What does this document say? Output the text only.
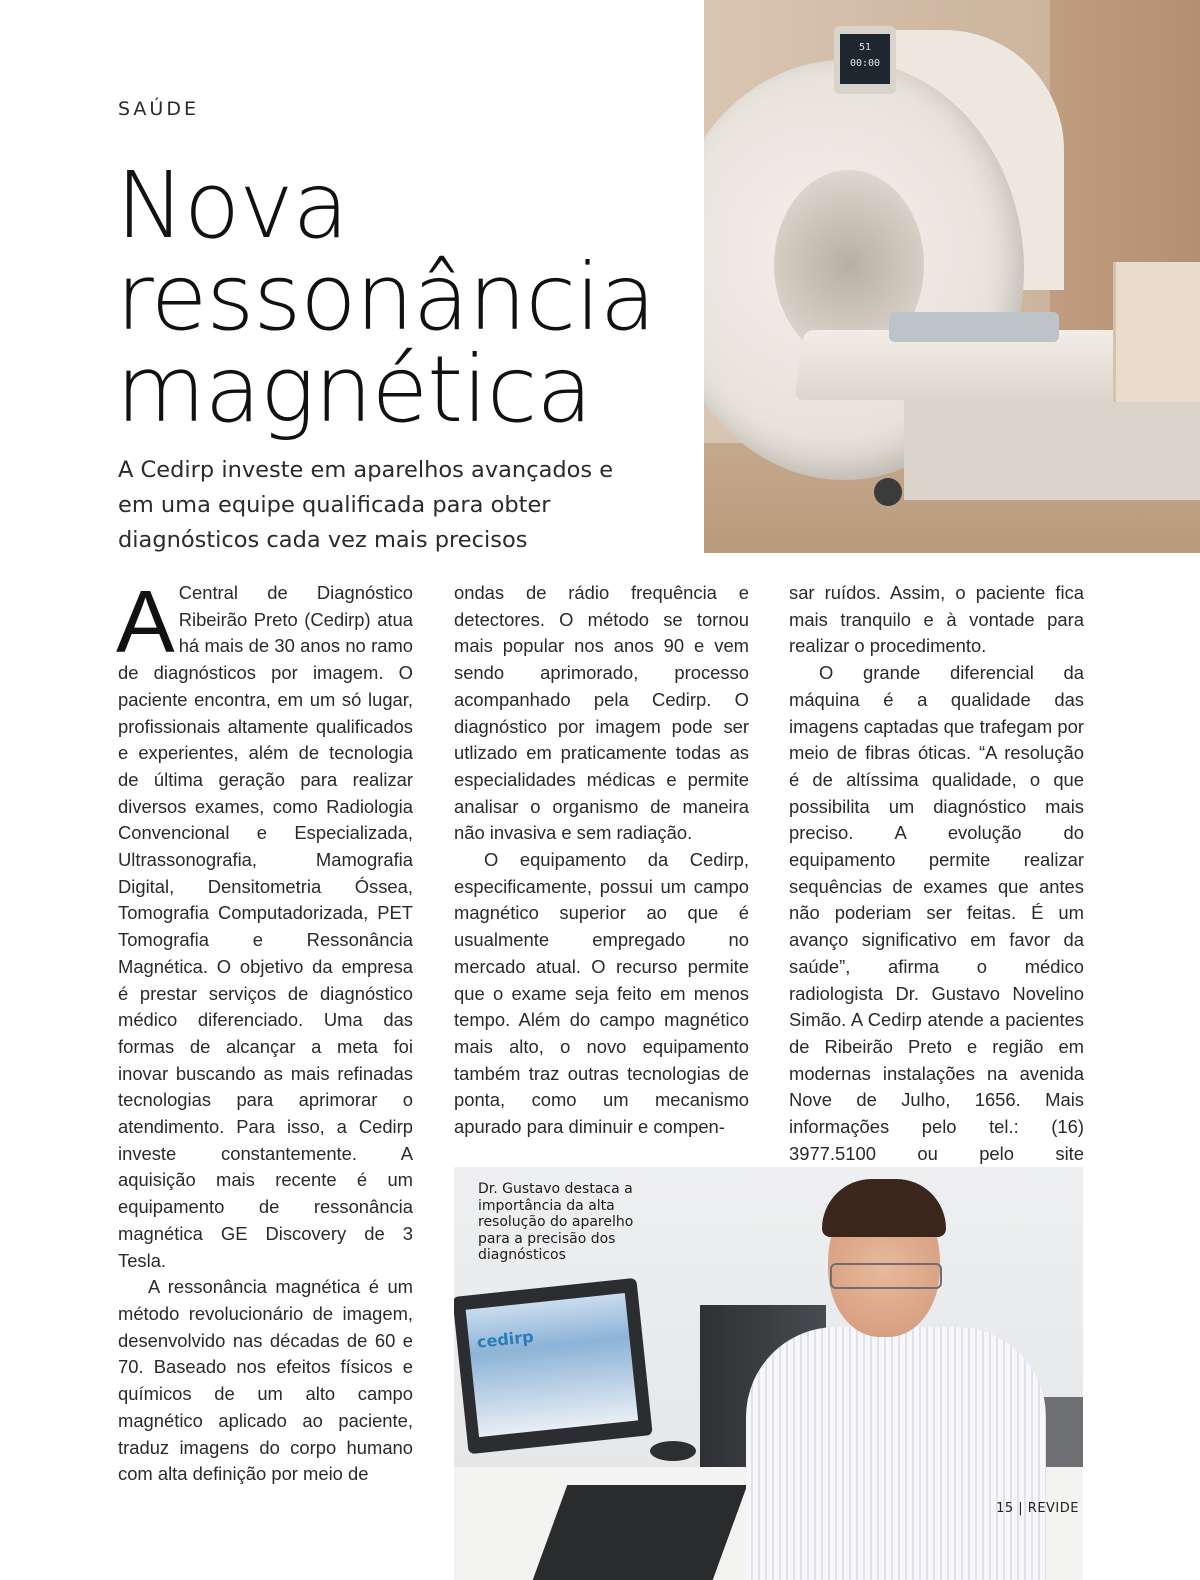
SAÚDE
Nova
ressonância
magnética

A Cedirp investe em aparelhos avançados e em uma equipe qualificada para obter diagnósticos cada vez mais precisos

51
00:00

A Central de Diagnóstico Ribeirão Preto (Cedirp) atua há mais de 30 anos no ramo de diagnósticos por imagem. O paciente encontra, em um só lugar, profissionais altamente qualificados e experientes, além de tecnologia de última geração para realizar diversos exames, como Radiologia Convencional e Especializada, Ultrassonografia, Mamografia Digital, Densitometria Óssea, Tomografia Computadorizada, PET Tomografia e Ressonância Magnética. O objetivo da empresa é prestar serviços de diagnóstico médico diferenciado. Uma das formas de alcançar a meta foi inovar buscando as mais refinadas tecnologias para aprimorar o atendimento. Para isso, a Cedirp investe constantemente. A aquisição mais recente é um equipamento de ressonância magnética GE Discovery de 3 Tesla.

A ressonância magnética é um método revolucionário de imagem, desenvolvido nas décadas de 60 e 70. Baseado nos efeitos físicos e químicos de um alto campo magnético aplicado ao paciente, traduz imagens do corpo humano com alta definição por meio de

ondas de rádio frequência e detectores. O método se tornou mais popular nos anos 90 e vem sendo aprimorado, processo acompanhado pela Cedirp. O diagnóstico por imagem pode ser utlizado em praticamente todas as especialidades médicas e permite analisar o organismo de maneira não invasiva e sem radiação.

O equipamento da Cedirp, especificamente, possui um campo magnético superior ao que é usualmente empregado no mercado atual. O recurso permite que o exame seja feito em menos tempo. Além do campo magnético mais alto, o novo equipamento também traz outras tecnologias de ponta, como um mecanismo apurado para diminuir e compen-

sar ruídos. Assim, o paciente fica mais tranquilo e à vontade para realizar o procedimento.

O grande diferencial da máquina é a qualidade das imagens captadas que trafegam por meio de fibras óticas. “A resolução é de altíssima qualidade, o que possibilita um diagnóstico mais preciso. A evolução do equipamento permite realizar sequências de exames que antes não poderiam ser feitas. É um avanço significativo em favor da saúde”, afirma o médico radiologista Dr. Gustavo Novelino Simão. A Cedirp atende a pacientes de Ribeirão Preto e região em modernas instalações na avenida Nove de Julho, 1656. Mais informações pelo tel.: (16) 3977.5100 ou pelo site

cedirp
Dr. Gustavo destaca a importância da alta resolução do aparelho para a precisão dos diagnósticos
15 | REVIDE
